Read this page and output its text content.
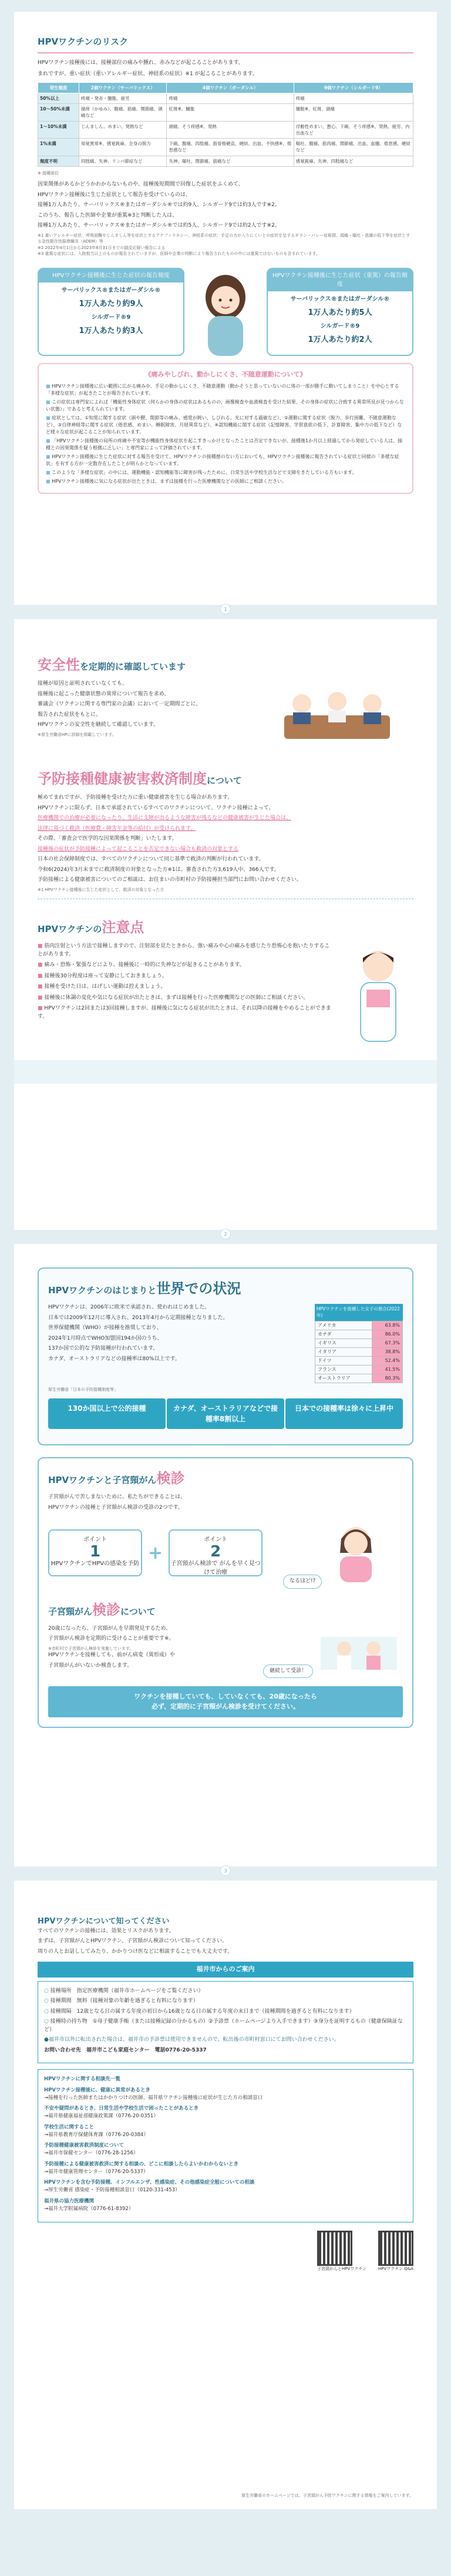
HPVワクチンのリスク

HPVワクチン接種後には、接種部位の痛みや腫れ、赤みなどが起こることがあります。

まれですが、重い症状（重いアレルギー症状、神経系の症状）※1 が起こることがあります。

発生頻度	2価ワクチン（サーバリックス）	4価ワクチン（ガーダシル）	9価ワクチン（シルガード9）
50%以上	疼痛・発赤・腫脹、疲労	疼痛	疼痛
10〜50%未満	掻痒（かゆみ）、腹痛、筋痛、関節痛、頭痛など	紅斑※、腫脹	腫脹※、紅斑、頭痛
1〜10%未満	じんましん、めまい、発熱など	頭痛、そう痒感※、発熱	浮動性めまい、悪心、下痢、そう痒感※、発熱、疲労、内出血など
1%未満	知覚異常※、感覚鈍麻、全身の脱力	下痢、腹痛、四肢痛、筋骨格硬直、硬結、出血、不快感※、倦怠感など	嘔吐、腹痛、筋肉痛、関節痛、出血、血腫、倦怠感、硬結など
頻度不明	四肢痛、失神、リンパ節症など	失神、嘔吐、関節痛、筋痛など	感覚鈍麻、失神、四肢痛など

※ 接種部位

因果関係があるかどうかわからないものや、接種後短期間で回復した症状をふくめて、

HPVワクチン接種後に生じた症状として報告を受けているのは、

接種1万人あたり、サーバリックス®またはガーダシル®では約9人、シルガード9では約3人です※2。

このうち、報告した医師や企業が重篤※3と判断した人は、

接種1万人あたり、サーバリックス®またはガーダシル®では約5人、シルガード9では約2人です※2。

※1 重いアレルギー症状：呼吸困難やじんましん等を症状とするアナフィラキシー、神経系の症状：手足の力が入りにくいとの症状を呈するギラン・バレー症候群、頭痛・嘔吐・意識の低下等を症状とする急性散在性脳脊髄炎（ADEM）等

※2 2022年4月1日から2023年8月31日までの副反応疑い報告による

※3 重篤な症状には、入院相当以上のものが報告されていますが、医師や企業の判断により報告されたものの中には重篤ではないものも含まれています。

HPVワクチン接種後に生じた症状の報告頻度
サーバリックス®またはガーダシル®
1万人あたり約9人
シルガード®9
1万人あたり約3人
HPVワクチン接種後に生じた症状（重篤）の報告頻度
サーバリックス®またはガーダシル®
1万人あたり約5人
シルガード®9
1万人あたり約2人
《痛みやしびれ、動かしにくさ、不随意運動について》
■ HPVワクチン接種後に広い範囲に広がる痛みや、手足の動かしにくさ、不随意運動（動かそうと思っていないのに体の一部が勝手に動いてしまうこと）を中心とする「多様な症状」が起きたことが報告されています。
■ この症状は専門家によれば「機能性身体症状（何らかの身体の症状はあるものの、画像検査や血液検査を受けた結果、その身体の症状に合致する異常所見が見つからない状態）」であると考えられています。
■ 症状としては、①知覚に関する症状（頭や腰、関節等の痛み、感覚が鈍い、しびれる、光に対する過敏など）、②運動に関する症状（脱力、歩行困難、不随意運動など）、③自律神経等に関する症状（倦怠感、めまい、睡眠障害、月経異常など）、④認知機能に関する症状（記憶障害、学習意欲の低下、計算障害、集中力の低下など）など様々な症状が起こることが知られています。
■ 「HPVワクチン接種後の局所の疼痛や不安等が機能性身体症状を起こすきっかけとなったことは否定できないが、接種後1か月以上経過してから発症している人は、接種との因果関係を疑う根拠に乏しい」と専門家によって評価されています。
■ HPVワクチン接種後に生じた症状に対する報告を受けて、HPVワクチンの接種歴のない方においても、HPVワクチン接種後に報告されている症状と同様の「多様な症状」を有する方が一定数存在したことが明らかとなっています。
■ このような「多様な症状」の中には、運動機能・認知機能等に障害が残ったために、日常生活や学校生活などで支障をきたしている方もいます。
■ HPVワクチン接種後に気になる症状が出たときは、まずは接種を行った医療機関などの医師にご相談ください。
1
安全性を定期的に確認しています

接種が原因と証明されていなくても、

接種後に起こった健康状態の異常について報告を求め、

審議会（ワクチンに関する専門家の会議）において一定期間ごとに、

報告された症状をもとに、

HPVワクチンの安全性を継続して確認しています。

※厚生労働省HPに詳細を掲載しています。

予防接種健康被害救済制度について

極めてまれですが、予防接種を受けた方に重い健康被害を生じる場合があります。

HPVワクチンに限らず、日本で承認されているすべてのワクチンについて、ワクチン接種によって、

医療機関での治療が必要になったり、生活に支障が出るような障害が残るなどの健康被害が生じた場合は、

法律に基づく救済（医療費・障害年金等の給付）が受けられます。

その際、「審査会で医学的な因果関係を判断」いたします。

接種後の症状が予防接種によって起こることを否定できない場合も救済の対象とする

日本の社会保障制度では、すべてのワクチンについて同じ基準で救済の判断が行われています。

令和6(2024)年3月末までに救済制度の対象となった方※1は、審査された方3,619人中、366人です。

予防接種による健康被害についてのご相談は、お住まいの市町村の予防接種担当部門にお問い合わせください。

※1 HPVワクチン接種後に生じた症状として、救済の対象となった方

HPVワクチンの注意点
■ 筋肉注射という方法で接種しますので、注射部を見たときから、強い痛みや心の痛みを感じたり恐怖心を抱いたりすることがあります。
■ 痛み・恐怖・緊張などにより、接種後に一時的に失神などが起きることがあります。
■ 接種後30分程度は座って安静にしておきましょう。
■ 接種を受けた日は、はげしい運動は控えましょう。
■ 接種後に体調の変化や気になる症状が出たときは、まずは接種を行った医療機関などの医師にご相談ください。
■ HPVワクチンは2回または3回接種しますが、接種後に気になる症状が出たときは、それ以降の接種をやめることができます。
2
HPVワクチンのはじまりと世界での状況

HPVワクチンは、2006年に欧米で承認され、使われはじめました。

日本では2009年12月に導入され、2013年4月から定期接種となりました。

世界保健機関（WHO）が接種を推奨しており、

2024年1月時点でWHO加盟国194か国のうち、

137か国で公的な予防接種が行われています。

カナダ、オーストラリアなどの接種率は80%以上です。

HPVワクチンを接種した女子の割合(2022年)
アメリカ	63.8%
カナダ	86.0%
イギリス	67.3%
イタリア	38.8%
ドイツ	52.4%
フランス	41.5%
オーストラリア	80.3%

厚生労働省「日本の予防接種制度等」

130か国以上で公的接種	カナダ、オーストラリアなどで接種率8割以上
日本での接種率は徐々に上昇中
HPVワクチンと子宮頸がん検診

子宮頸がんで苦しまないために、私たちができることは、

HPVワクチンの接種と子宮頸がん検診の受診の2つです。

ポイント
1
HPVワクチンでHPVの感染を予防
+
ポイント
2
子宮頸がん検診で がんを早く見つけて治療
なるほど!?
子宮頸がん検診について

20歳になったら、子宮頸がんを早期発見するため、

子宮頸がん検診を定期的に受けることが重要です※。

※市町村で子宮頸がん検診を実施しています。

HPVワクチンを接種しても、前がん病変（異形成）や

子宮頸がんがいないか検査します。

継続して受診！
ワクチンを接種していても、していなくても、20歳になったら
必ず、定期的に子宮頸がん検診を受けてください。
3
HPVワクチンについて知ってください

すべてのワクチンの接種には、効果とリスクがあります。

まずは、子宮頸がんとHPVワクチン、子宮頸がん検診について知ってください。

周りの人とお話ししてみたり、かかりつけ医などに相談することでも大丈夫です。

福井市からのご案内
○ 接種場所　指定医療機関（福井市ホームページをご覧ください）
○ 接種期間　無料（接種対象の年齢を過ぎると有料になります）
○ 接種間隔　12歳となる日の属する年度の初日から16歳となる日の属する年度の末日まで（接種期間を過ぎると有料になります）
○ 接種時の持ち物　①母子健康手帳（または接種記録の分かるもの）②予診票（ホームページより入手できます）③身分を証明するもの（健康保険証など）

●福井市以外に転出された場合は、福井市の予診票は使用できませんので、転出後の市町村窓口にてお問い合わせください。

お問い合わせ先　福井市こども家庭センター　電話0776-20-5337

HPVワクチンに関する相談先一覧
HPVワクチン接種後に、健康に異常があるとき
→接種を行った医師またはかかりつけの医師、福井県ワクチン接種後に症状が生じた方の相談窓口
不安や疑問があるとき、日常生活や学校生活で困ったことがあるとき
→福井県健康福祉部健康政策課（0776-20-0351）
学校生活に関すること
→福井県教育庁保健体育課（0776-20-0384）
予防接種健康被害救済制度について
→福井市保健センター（0776-28-1256）
予防接種による健康被害救済に関する相談の、どこに相談したらよいかわからないとき
→福井市健康管理センター（0776-20-5337）
HPVワクチンを含む予防接種、インフルエンザ、性感染症、その他感染症全般についての相談
→厚生労働省 感染症・予防接種相談窓口（0120-331-453）
福井県の協力医療機関
→福井大学附属病院（0776-61-8392）
子宮頸がんとHPVワクチン	HPVワクチン Q&A
厚生労働省のホームページでは、子宮頸がん予防ワクチンに関する情報をご案内しています。
